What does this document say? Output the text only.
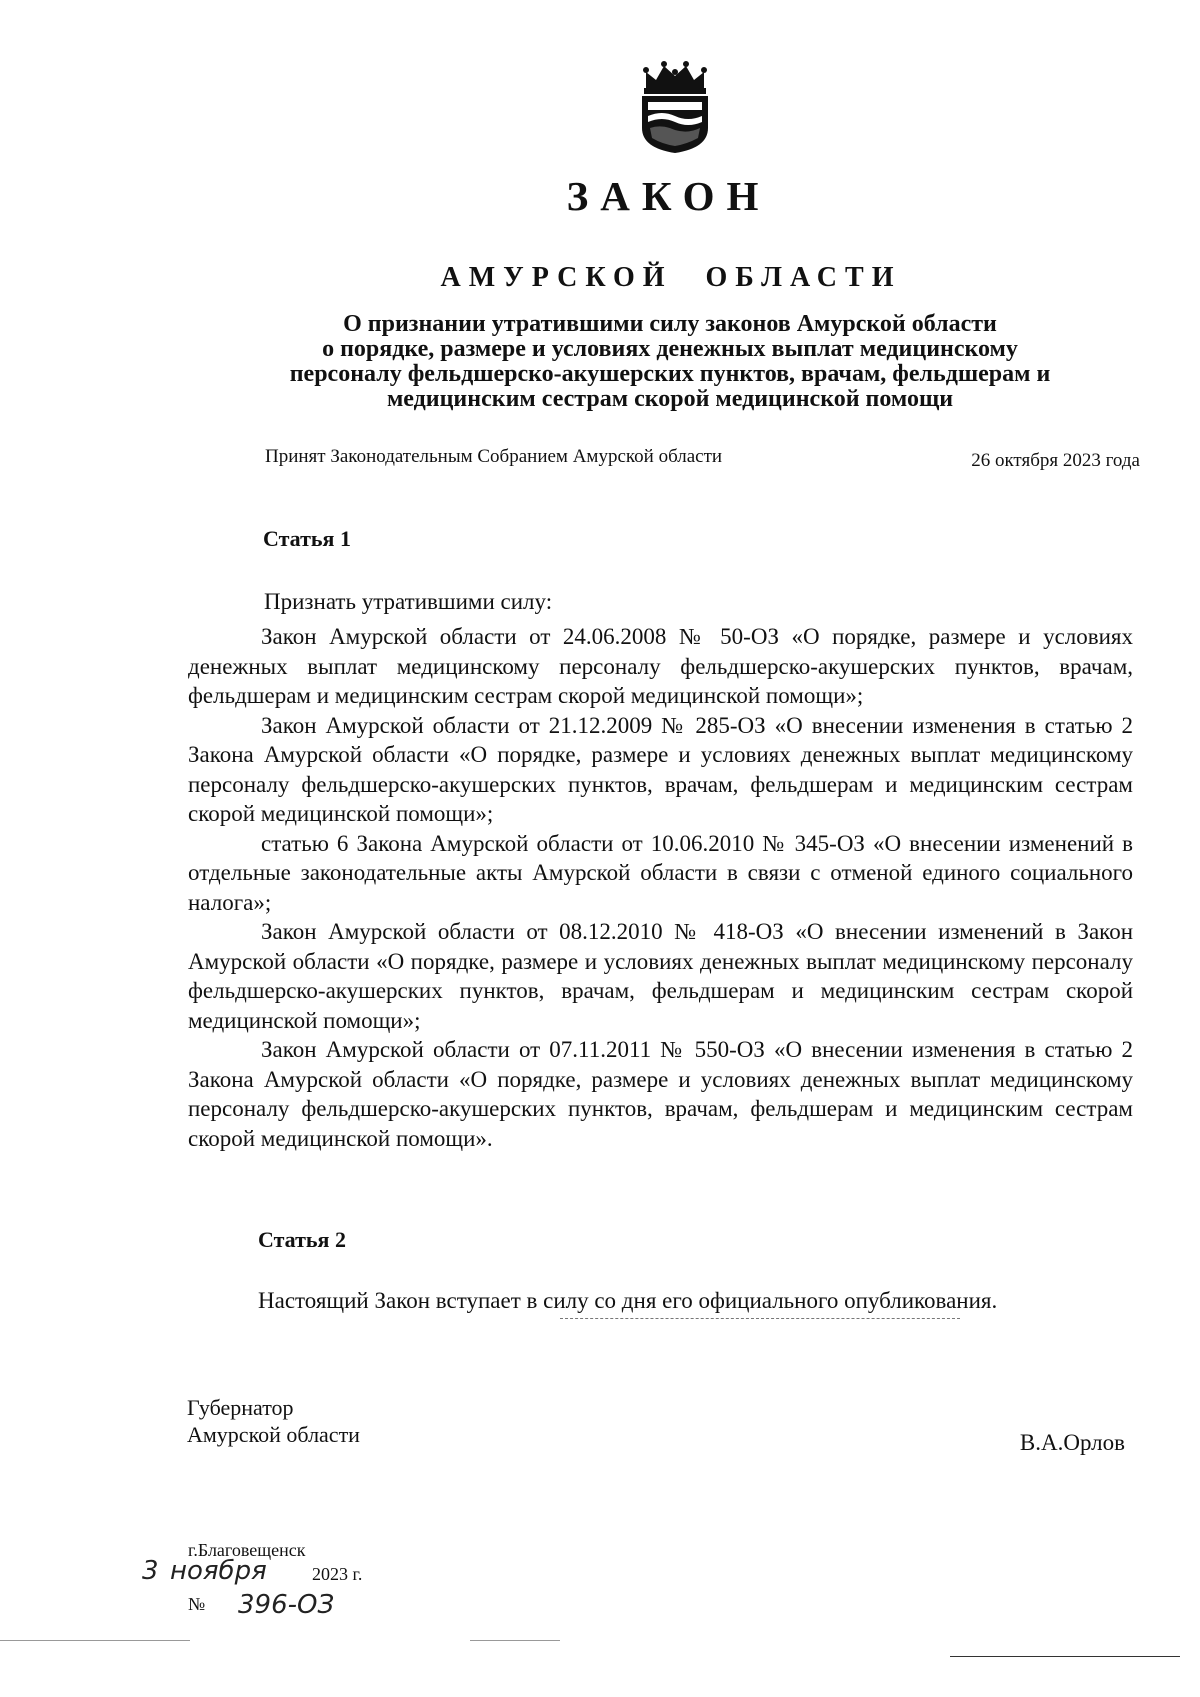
ЗАКОН
АМУРСКОЙ ОБЛАСТИ
О признании утратившими силу законов Амурской области
о порядке, размере и условиях денежных выплат медицинскому
персоналу фельдшерско-акушерских пунктов, врачам, фельдшерам и
медицинским сестрам скорой медицинской помощи
Принят Законодательным Собранием Амурской области	26 октября 2023 года
Статья 1
Признать утратившими силу:

Закон Амурской области от 24.06.2008 № 50-ОЗ «О порядке, размере и условиях денежных выплат медицинскому персоналу фельдшерско-акушерских пунктов, врачам, фельдшерам и медицинским сестрам скорой медицинской помощи»;

Закон Амурской области от 21.12.2009 № 285-ОЗ «О внесении изменения в статью 2 Закона Амурской области «О порядке, размере и условиях денежных выплат медицинскому персоналу фельдшерско-акушерских пунктов, врачам, фельдшерам и медицинским сестрам скорой медицинской помощи»;

статью 6 Закона Амурской области от 10.06.2010 № 345-ОЗ «О внесении изменений в отдельные законодательные акты Амурской области в связи с отменой единого социального налога»;

Закон Амурской области от 08.12.2010 № 418-ОЗ «О внесении изменений в Закон Амурской области «О порядке, размере и условиях денежных выплат медицинскому персоналу фельдшерско-акушерских пунктов, врачам, фельдшерам и медицинским сестрам скорой медицинской помощи»;

Закон Амурской области от 07.11.2011 № 550-ОЗ «О внесении изменения в статью 2 Закона Амурской области «О порядке, размере и условиях денежных выплат медицинскому персоналу фельдшерско-акушерских пунктов, врачам, фельдшерам и медицинским сестрам скорой медицинской помощи».

Статья 2
Настоящий Закон вступает в силу со дня его официального опубликования.
Губернатор
Амурской области	В.А.Орлов
г.Благовещенск
3 ноября	2023 г.
№ 396-ОЗ
